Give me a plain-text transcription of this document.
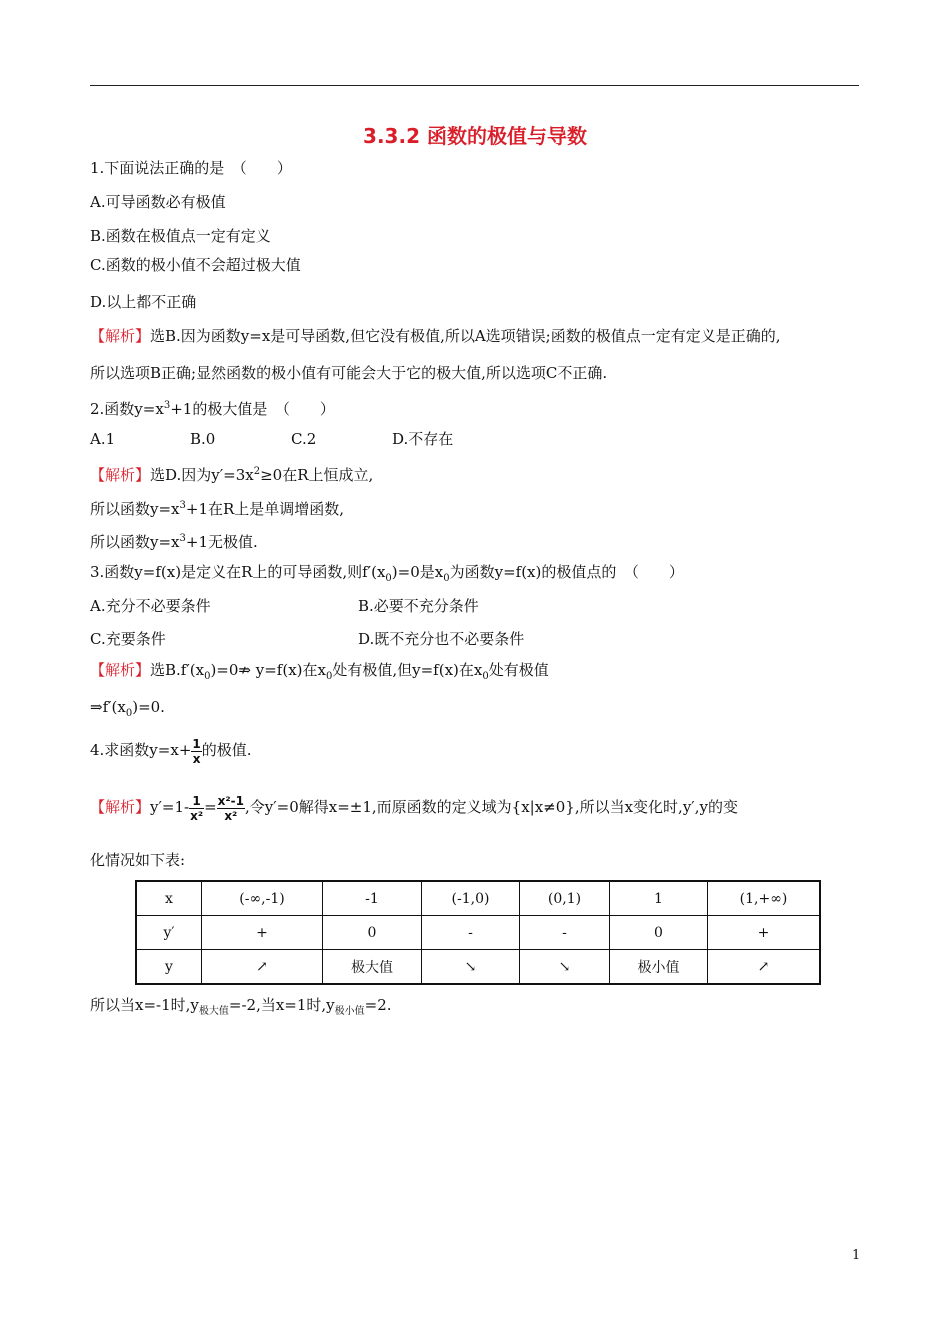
3.3.2 函数的极值与导数
1.下面说法正确的是　（　　）
A.可导函数必有极值
B.函数在极值点一定有定义
C.函数的极小值不会超过极大值
D.以上都不正确
【解析】选B.因为函数y=x是可导函数,但它没有极值,所以A选项错误;函数的极值点一定有定义是正确的,
所以选项B正确;显然函数的极小值有可能会大于它的极大值,所以选项C不正确.
2.函数$y=x^3+1$的极大值是　（　　）
A.1	B.0	C.2	D.不存在
【解析】选D.因为$y'=3x^2\ge 0$在R上恒成立,
所以函数$y=x^3+1$在R上是单调增函数,
所以函数$y=x^3+1$无极值.
3.函数y=f(x)是定义在R上的可导函数,则$f'(x_0)=0$是$x_0$为函数y=f(x)的极值点的　（　　）
A.充分不必要条件	B.必要不充分条件
C.充要条件	D.既不充分也不必要条件
【解析】选$B.f'(x_0)=0⇏$ y=f(x)在$x_0$处有极值,但y=f(x)在$x_0$处有极值
$\Rightarrow f'(x_0)=0$.
4.求函数$y=x+ \frac{1}{x}$ 的极值.
【解析】$y'=1- \frac{1}{\text{x²}} = \frac{\text{x²-1}}{\text{x²}}$ ,令y′=0解得x=±1,而原函数的定义域为{x|x≠0},所以当x变化时,y′,y的变
化情况如下表:
x	(-∞,-1)	-1	(-1,0)	(0,1)	1	(1,+∞)
y′	+	0	-	-	0	+
y	↗	极大值	↘	↘	极小值	↗
所以当x=-1时$,y_{极大值}=-2$,当x=1时$,y_{极小值}=2$.
1
